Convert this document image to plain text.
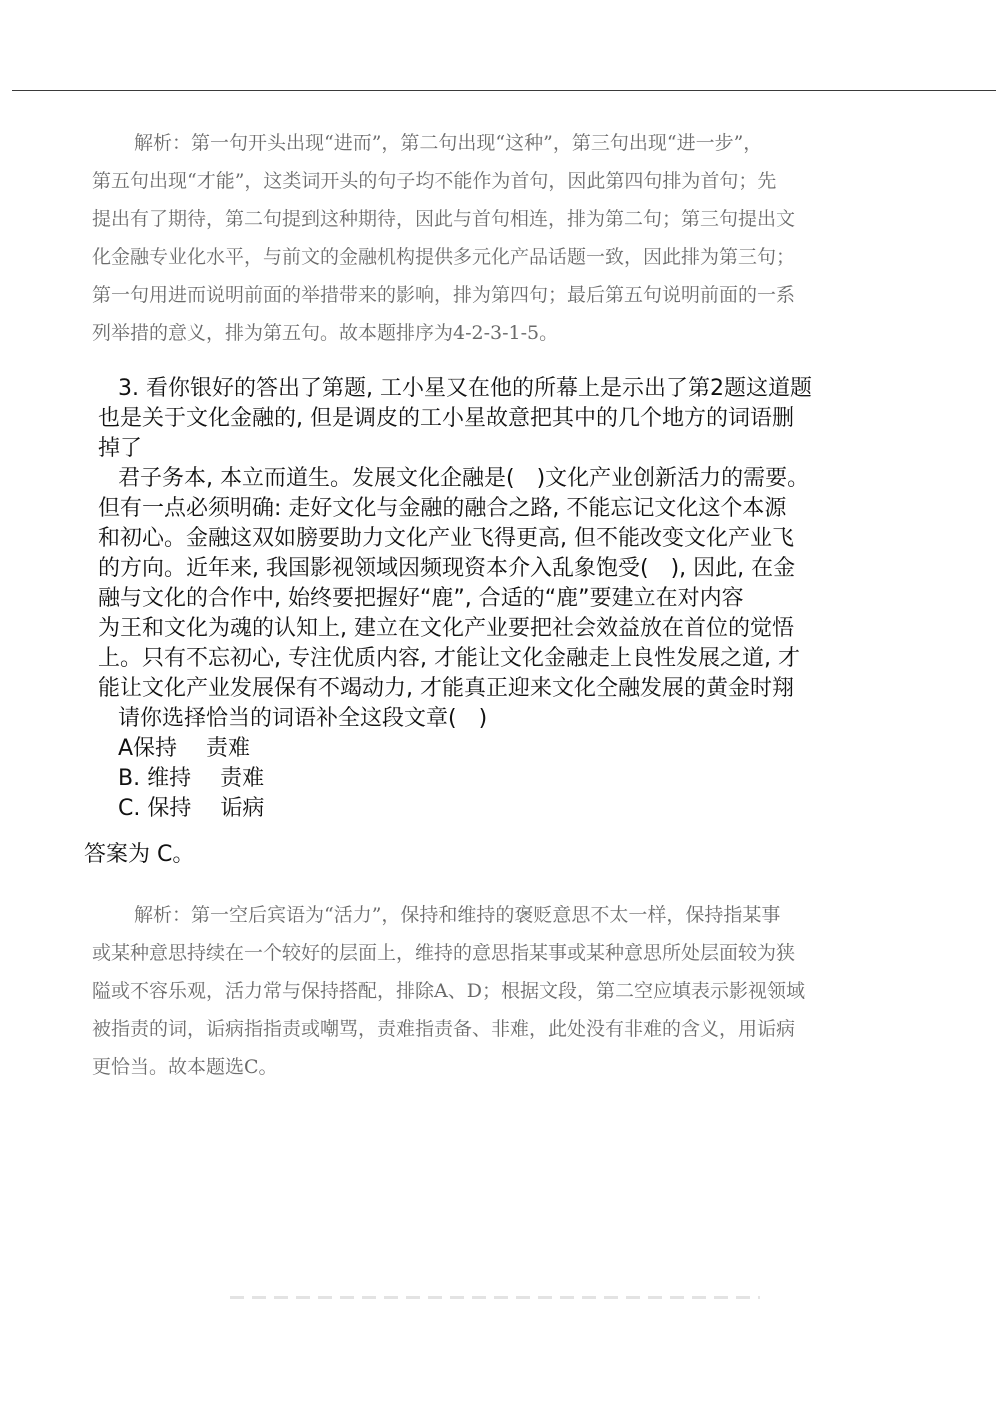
解析：第一句开头出现“进而”，第二句出现“这种”，第三句出现“进一步”，
第五句出现“才能”，这类词开头的句子均不能作为首句，因此第四句排为首句；先
提出有了期待，第二句提到这种期待，因此与首句相连，排为第二句；第三句提出文
化金融专业化水平，与前文的金融机构提供多元化产品话题一致，因此排为第三句；
第一句用进而说明前面的举措带来的影响，排为第四句；最后第五句说明前面的一系
列举措的意义，排为第五句。故本题排序为4-2-3-1-5。
3. 看你银好的答出了第题, 工小星又在他的所幕上是示出了第2题这道题
也是关于文化金融的, 但是调皮的工小星故意把其中的几个地方的词语删
掉了
君子务本, 本立而道生。发展文化企融是(　)文化产业创新活力的需要。
但有一点必须明确: 走好文化与金融的融合之路, 不能忘记文化这个本源
和初心。金融这双如膀要助力文化产业飞得更高, 但不能改变文化产业飞
的方向。近年来, 我国影视领域因频现资本介入乱象饱受(　), 因此, 在金
融与文化的合作中, 始终要把握好“鹿”, 合适的“鹿”要建立在对内容
为王和文化为魂的认知上, 建立在文化产业要把社会效益放在首位的觉悟
上。只有不忘初心, 专注优质内容, 才能让文化金融走上良性发展之道, 才
能让文化产业发展保有不竭动力, 才能真正迎来文化仝融发展的黄金时翔
请你选择恰当的词语补全这段文章(　)
A保持　 责难
B. 维持　 责难
C. 保持　 诟病
答案为 C。
解析：第一空后宾语为“活力”，保持和维持的褒贬意思不太一样，保持指某事
或某种意思持续在一个较好的层面上，维持的意思指某事或某种意思所处层面较为狭
隘或不容乐观，活力常与保持搭配，排除A、D；根据文段，第二空应填表示影视领域
被指责的词，诟病指指责或嘲骂，责难指责备、非难，此处没有非难的含义，用诟病
更恰当。故本题选C。
